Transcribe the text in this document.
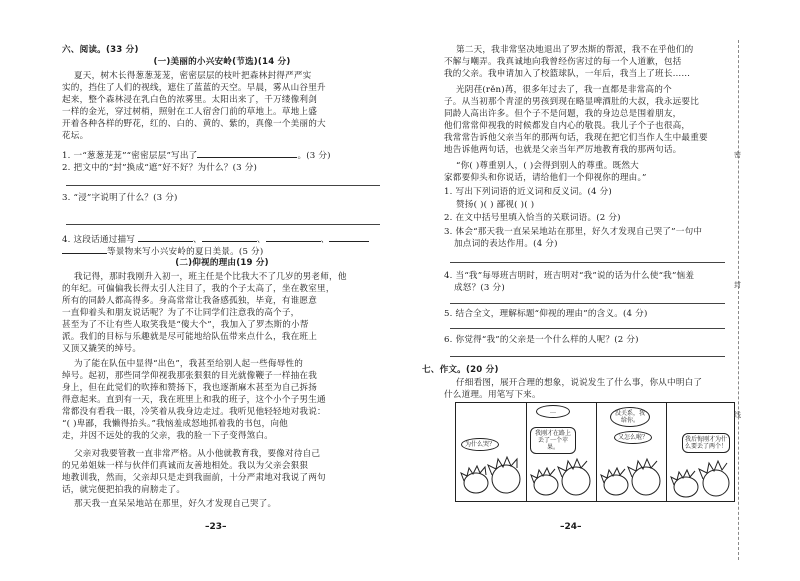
六、阅读。(33 分)
(一)美丽的小兴安岭(节选)(14 分)
夏天，树木长得葱葱茏茏，密密层层的枝叶把森林封得严严实
实的，挡住了人们的视线，遮住了蓝蓝的天空。早晨，雾从山谷里升
起来，整个森林浸在乳白色的浓雾里。太阳出来了，千万缕像利剑
一样的金光，穿过树梢，照射在工人宿舍门前的草地上。草地上盛
开着各种各样的野花，红的、白的、黄的、紫的，真像一个美丽的大
花坛。
1. 一“葱葱茏茏”“密密层层”写出了	。(3 分)
2. 把文中的“封”换成“遮”好不好？为什么？(3 分)
3. “浸”字说明了什么？(3 分)
4. 这段话通过描写	、	、	、
等景物来写小兴安岭的夏日美景。(5 分)
(二)仰视的理由(19 分)
我记得，那时我刚升入初一，班主任是个比我大不了几岁的男老师，他
的年纪。可偏偏我长得太引人注目了，我的个子太高了，坐在教室里，
所有的同龄人都高得多。身高常常让我备感孤独，毕竟，有谁愿意
一直仰着头和朋友说话呢？为了不让同学们注意我的高个子，
甚至为了不让有些人取笑我是“傻大个”，我加入了罗杰斯的小帮
派。我们的目标与乐趣就是尽可能地给队伍带来点什么，我在班上
又顶又撬笑的绰号。
为了能在队伍中显得“出色”，我甚至给别人起一些侮辱性的
绰号。起初，那些同学仰视我那张狠狠的目光就像鞭子一样抽在我
身上，但在此觉们的吹捧和赞扬下，我也逐渐麻木甚至为自己拆扬
得意起来。直到有一天，我在班里上和我的班子，这个小个子男生通
常都没有看我一眼，冷笑着从我身边走过。我听见他轻轻地对我说：
“( )卑鄙，我懒得抬头。”我恼羞成怒地抓着我的书包，向他
走，并因不远处的我的父亲，我的脸一下子变得煞白。
父亲对我要管教一直非常严格。从小他就教育我，要像对待自己
的兄弟姐妹一样与伙伴们真诚而友善地相处。我以为父亲会狠狠
地教训我，然而，父亲却只是走到我面前，十分严肃地对我说了两句
话，就完便把拍我的肩膀走了。
那天我一直呆呆地站在那里，好久才发现自己哭了。
–23–
第二天，我非常坚决地退出了罗杰斯的帮派，我不在乎他们的
不解与嘲弄。我真诚地向我曾经伤害过的每一个人道歉，包括
我的父亲。我申请加入了校篮球队，一年后，我当上了班长……
光阴荏(rěn)苒，很多年过去了，我一直都是非常高的个
子。从当初那个青涩的男孩到现在略显啤酒肚的大叔，我永远要比
同龄人高出许多。但个子不是问题，我的身边总是围着朋友，
他们常常仰视我的时候都发自内心的敬畏。我儿子个子也很高，
我常常告诉他父亲当年的那两句话，我现在把它们当作人生中最重要
地告诉他两句话，也就是父亲当年严厉地教育我的那两句话。
“你( )尊重别人，( )会得到别人的尊重。既然大
家都要仰头和你说话，请给他们一个仰视你的理由。”
1. 写出下列词语的近义词和反义词。(4 分)
赞扬( )( ) 鄙视( )( )
2. 在文中括号里填入恰当的关联词语。(2 分)
3. 体会“那天我一直呆呆地站在那里，好久才发现自己哭了”一句中
加点词的表达作用。(4 分)
4. 当“我”每辱班吉明时，班吉明对“我”说的话为什么使“我”恼羞
成怒？(3 分)
5. 结合全文，理解标题“仰视的理由”的含义。(4 分)
6. 你觉得“我”的父亲是一个什么样的人呢？(2 分)
七、作文。(20 分)
仔细看图，展开合理的想象，说说发生了什么事，你从中明白了
什么道理。用笔写下来。
–24–
为什么哭？
…
我刚才在路上丢了一个苹果。
没关系，我给你。
又怎么啦？	我后悔刚才为什么要丢了两个！
密
封
线
